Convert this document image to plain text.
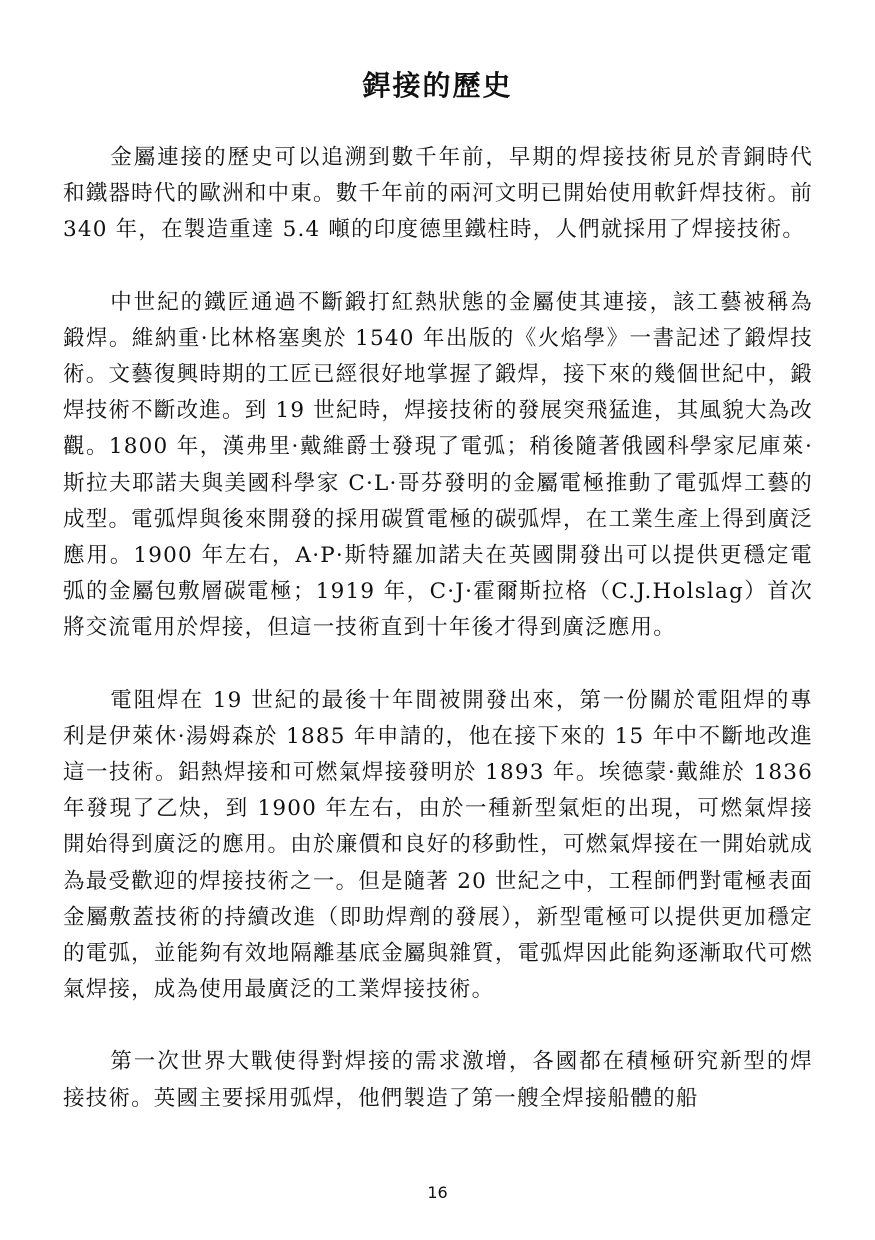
銲接的歷史

金屬連接的歷史可以追溯到數千年前，早期的焊接技術見於青銅時代和鐵器時代的歐洲和中東。數千年前的兩河文明已開始使用軟釺焊技術。前 340 年，在製造重達 5.4 噸的印度德里鐵柱時，人們就採用了焊接技術。

中世紀的鐵匠通過不斷鍛打紅熱狀態的金屬使其連接，該工藝被稱為鍛焊。維納重·比林格塞奧於 1540 年出版的《火焰學》一書記述了鍛焊技術。文藝復興時期的工匠已經很好地掌握了鍛焊，接下來的幾個世紀中，鍛焊技術不斷改進。到 19 世紀時，焊接技術的發展突飛猛進，其風貌大為改觀。1800 年，漢弗里·戴維爵士發現了電弧；稍後隨著俄國科學家尼庫萊·斯拉夫耶諾夫與美國科學家 C·L·哥芬發明的金屬電極推動了電弧焊工藝的成型。電弧焊與後來開發的採用碳質電極的碳弧焊，在工業生產上得到廣泛應用。1900 年左右，A·P·斯特羅加諾夫在英國開發出可以提供更穩定電弧的金屬包敷層碳電極；1919 年，C·J·霍爾斯拉格（C.J.Holslag）首次將交流電用於焊接，但這一技術直到十年後才得到廣泛應用。

電阻焊在 19 世紀的最後十年間被開發出來，第一份關於電阻焊的專利是伊萊休·湯姆森於 1885 年申請的，他在接下來的 15 年中不斷地改進這一技術。鋁熱焊接和可燃氣焊接發明於 1893 年。埃德蒙·戴維於 1836 年發現了乙炔，到 1900 年左右，由於一種新型氣炬的出現，可燃氣焊接開始得到廣泛的應用。由於廉價和良好的移動性，可燃氣焊接在一開始就成為最受歡迎的焊接技術之一。但是隨著 20 世紀之中，工程師們對電極表面金屬敷蓋技術的持續改進（即助焊劑的發展），新型電極可以提供更加穩定的電弧，並能夠有效地隔離基底金屬與雜質，電弧焊因此能夠逐漸取代可燃氣焊接，成為使用最廣泛的工業焊接技術。

第一次世界大戰使得對焊接的需求激增，各國都在積極研究新型的焊接技術。英國主要採用弧焊，他們製造了第一艘全焊接船體的船

16
